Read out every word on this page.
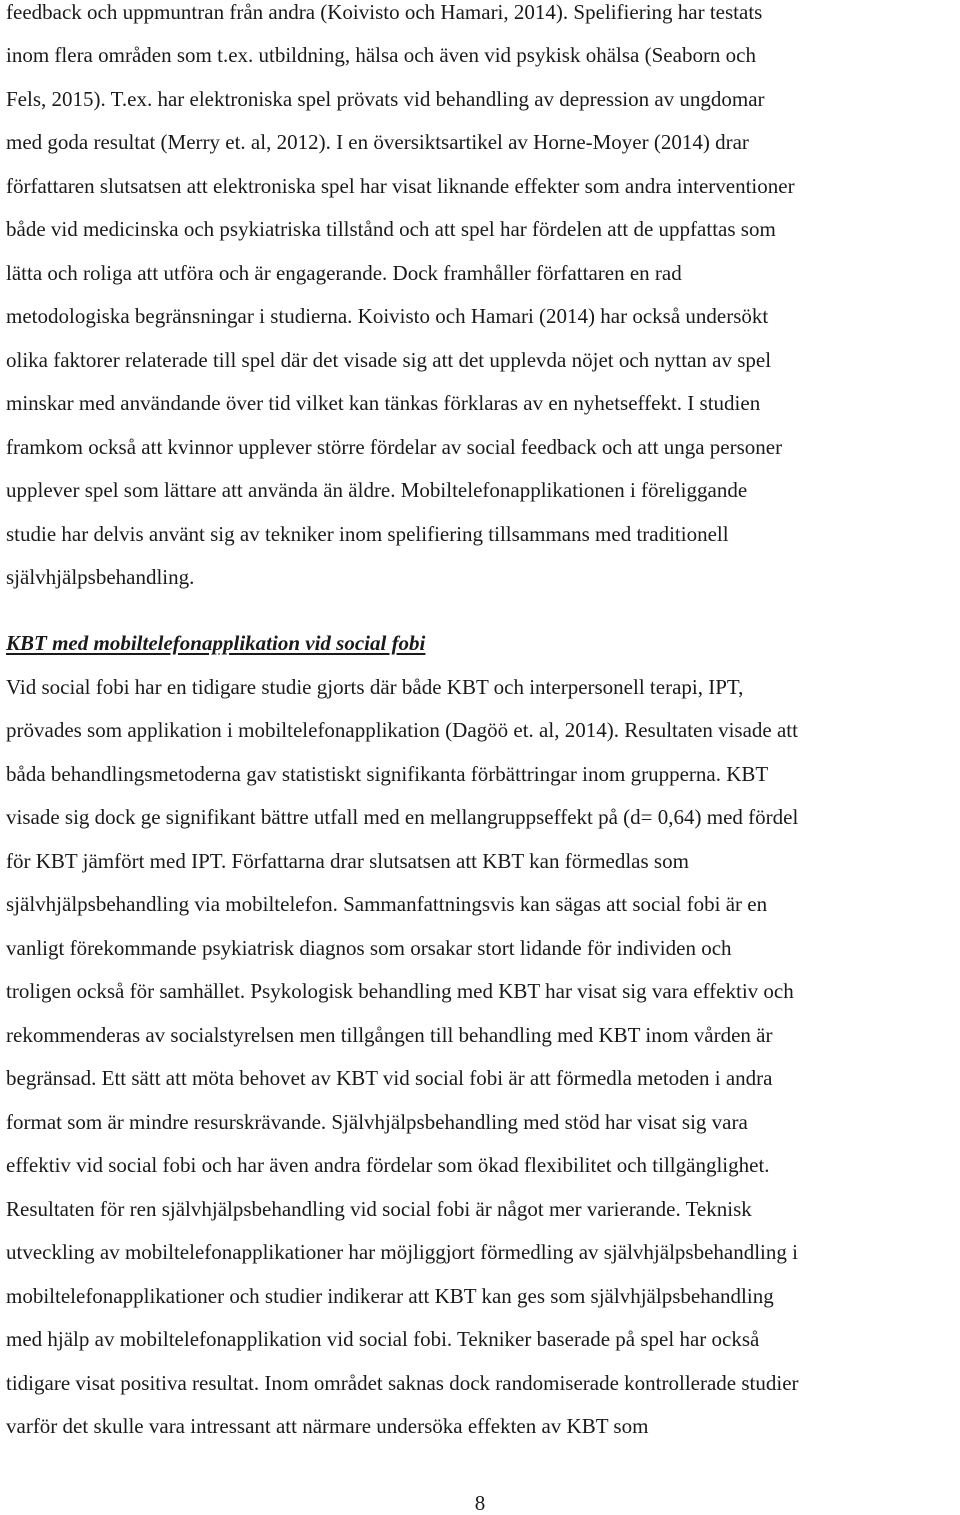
feedback och uppmuntran från andra (Koivisto och Hamari, 2014). Spelifiering har testats
inom flera områden som t.ex. utbildning, hälsa och även vid psykisk ohälsa (Seaborn och
Fels, 2015). T.ex. har elektroniska spel prövats vid behandling av depression av ungdomar
med goda resultat (Merry et. al, 2012). I en översiktsartikel av Horne-Moyer (2014) drar
författaren slutsatsen att elektroniska spel har visat liknande effekter som andra interventioner
både vid medicinska och psykiatriska tillstånd och att spel har fördelen att de uppfattas som
lätta och roliga att utföra och är engagerande. Dock framhåller författaren en rad
metodologiska begränsningar i studierna. Koivisto och Hamari (2014) har också undersökt
olika faktorer relaterade till spel där det visade sig att det upplevda nöjet och nyttan av spel
minskar med användande över tid vilket kan tänkas förklaras av en nyhetseffekt. I studien
framkom också att kvinnor upplever större fördelar av social feedback och att unga personer
upplever spel som lättare att använda än äldre. Mobiltelefonapplikationen i föreliggande
studie har delvis använt sig av tekniker inom spelifiering tillsammans med traditionell
självhjälpsbehandling.
KBT med mobiltelefonapplikation vid social fobi
Vid social fobi har en tidigare studie gjorts där både KBT och interpersonell terapi, IPT,
prövades som applikation i mobiltelefonapplikation (Dagöö et. al, 2014). Resultaten visade att
båda behandlingsmetoderna gav statistiskt signifikanta förbättringar inom grupperna. KBT
visade sig dock ge signifikant bättre utfall med en mellangruppseffekt på (d= 0,64) med fördel
för KBT jämfört med IPT. Författarna drar slutsatsen att KBT kan förmedlas som
självhjälpsbehandling via mobiltelefon. Sammanfattningsvis kan sägas att social fobi är en
vanligt förekommande psykiatrisk diagnos som orsakar stort lidande för individen och
troligen också för samhället. Psykologisk behandling med KBT har visat sig vara effektiv och
rekommenderas av socialstyrelsen men tillgången till behandling med KBT inom vården är
begränsad. Ett sätt att möta behovet av KBT vid social fobi är att förmedla metoden i andra
format som är mindre resurskrävande. Självhjälpsbehandling med stöd har visat sig vara
effektiv vid social fobi och har även andra fördelar som ökad flexibilitet och tillgänglighet.
Resultaten för ren självhjälpsbehandling vid social fobi är något mer varierande. Teknisk
utveckling av mobiltelefonapplikationer har möjliggjort förmedling av självhjälpsbehandling i
mobiltelefonapplikationer och studier indikerar att KBT kan ges som självhjälpsbehandling
med hjälp av mobiltelefonapplikation vid social fobi. Tekniker baserade på spel har också
tidigare visat positiva resultat. Inom området saknas dock randomiserade kontrollerade studier
varför det skulle vara intressant att närmare undersöka effekten av KBT som
8
